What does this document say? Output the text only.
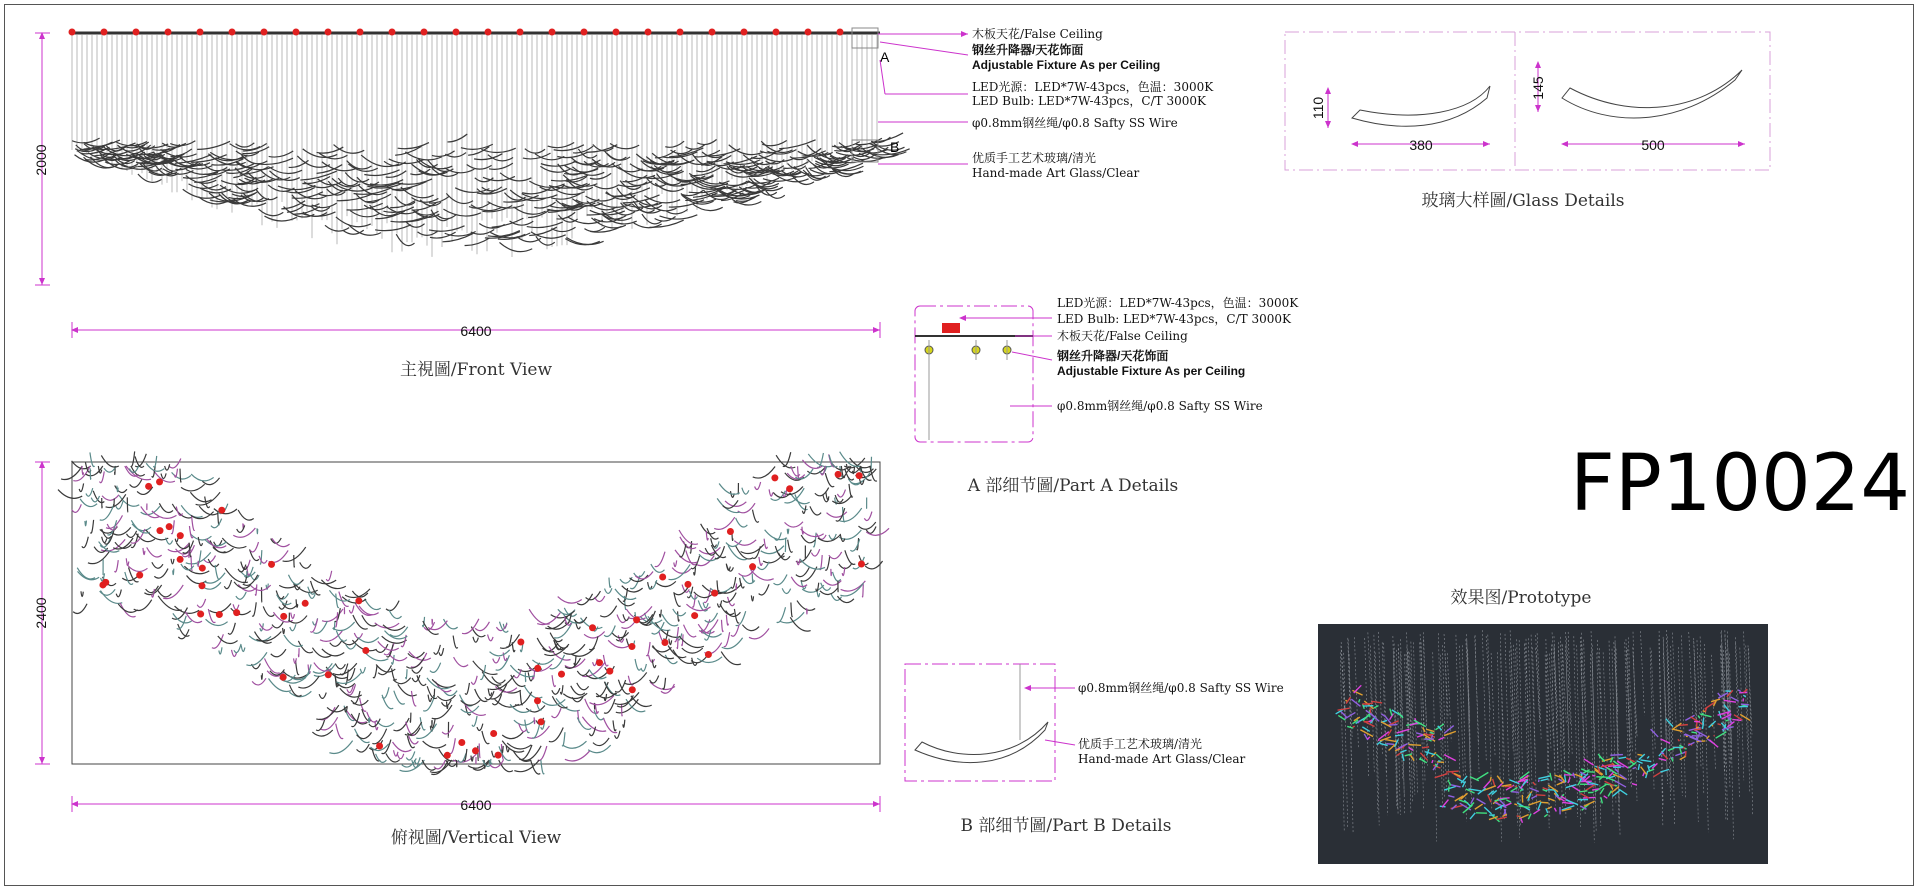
A
B
2000
6400
主視圖/Front View
木板天花/False Ceiling
钢丝升降器/天花饰面
Adjustable Fixture As per Ceiling
LED光源：LED*7W-43pcs，色温：3000K
LED Bulb: LED*7W-43pcs，C/T 3000K
φ0.8mm钢丝绳/φ0.8 Safty SS Wire
优质手工艺术玻璃/清光
Hand-made Art Glass/Clear
110
380
145
500
玻璃大样圖/Glass Details
LED光源：LED*7W-43pcs，色温：3000K
LED Bulb: LED*7W-43pcs，C/T 3000K
木板天花/False Ceiling
钢丝升降器/天花饰面
Adjustable Fixture As per Ceiling
φ0.8mm钢丝绳/φ0.8 Safty SS Wire
A 部细节圖/Part A Details	FP10024
2400
6400
俯视圖/Vertical View
φ0.8mm钢丝绳/φ0.8 Safty SS Wire
优质手工艺术玻璃/清光
Hand-made Art Glass/Clear
B 部细节圖/Part B Details
效果图/Prototype
